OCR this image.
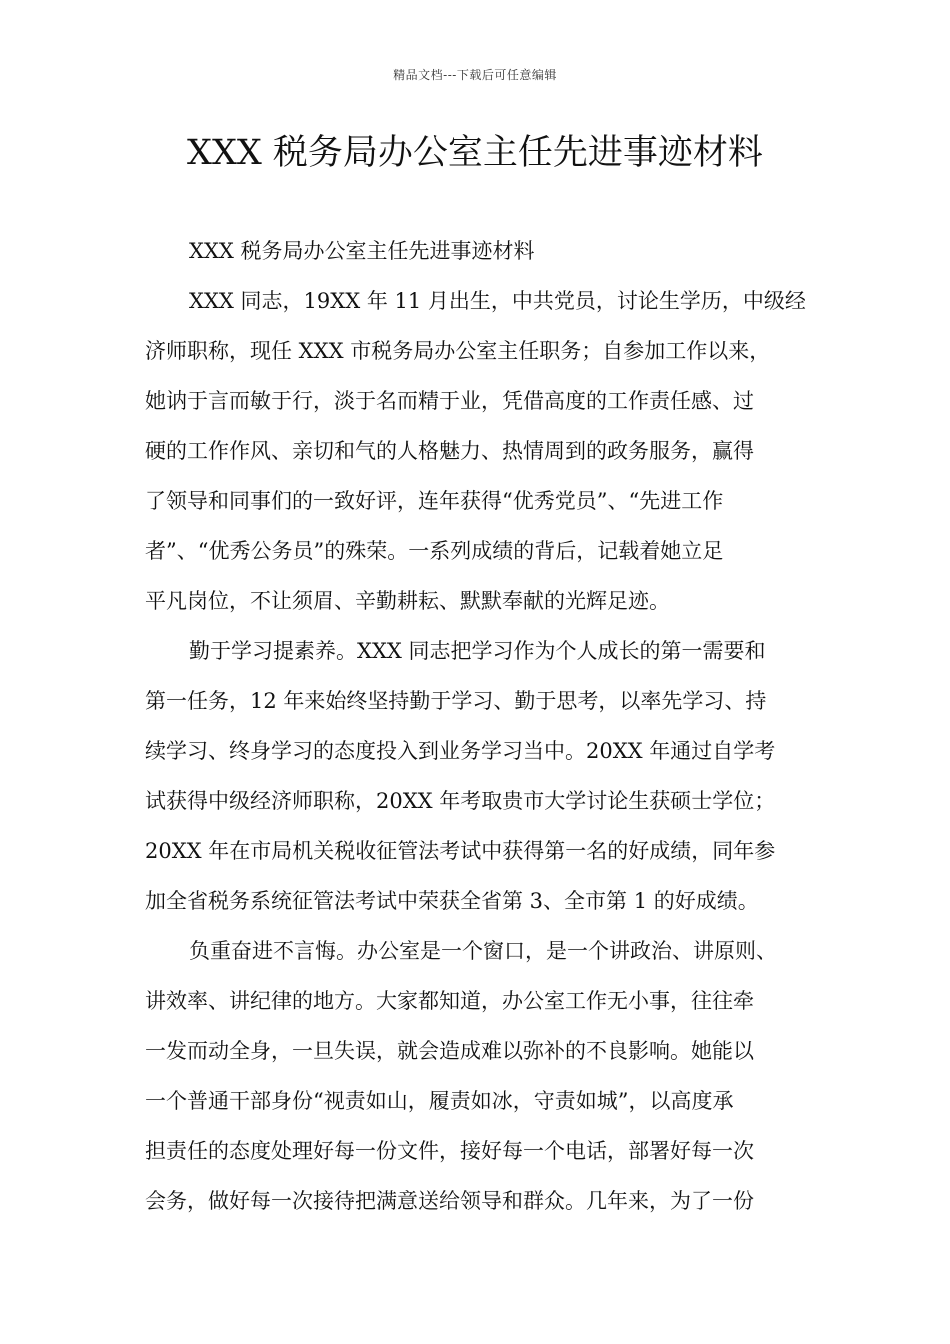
精品文档---下载后可任意编辑
XXX 税务局办公室主任先进事迹材料
XXX 税务局办公室主任先进事迹材料
XXX 同志，19XX 年 11 月出生，中共党员，讨论生学历，中级经
济师职称，现任 XXX 市税务局办公室主任职务；自参加工作以来，
她讷于言而敏于行，淡于名而精于业，凭借高度的工作责任感、过
硬的工作作风、亲切和气的人格魅力、热情周到的政务服务，赢得
了领导和同事们的一致好评，连年获得“优秀党员”、“先进工作
者”、“优秀公务员”的殊荣。一系列成绩的背后，记载着她立足
平凡岗位，不让须眉、辛勤耕耘、默默奉献的光辉足迹。
勤于学习提素养。XXX 同志把学习作为个人成长的第一需要和
第一任务，12 年来始终坚持勤于学习、勤于思考，以率先学习、持
续学习、终身学习的态度投入到业务学习当中。20XX 年通过自学考
试获得中级经济师职称，20XX 年考取贵市大学讨论生获硕士学位；
20XX 年在市局机关税收征管法考试中获得第一名的好成绩，同年参
加全省税务系统征管法考试中荣获全省第 3、全市第 1 的好成绩。
负重奋进不言悔。办公室是一个窗口，是一个讲政治、讲原则、
讲效率、讲纪律的地方。大家都知道，办公室工作无小事，往往牵
一发而动全身，一旦失误，就会造成难以弥补的不良影响。她能以
一个普通干部身份“视责如山，履责如冰，守责如城”，以高度承
担责任的态度处理好每一份文件，接好每一个电话，部署好每一次
会务，做好每一次接待把满意送给领导和群众。几年来，为了一份
